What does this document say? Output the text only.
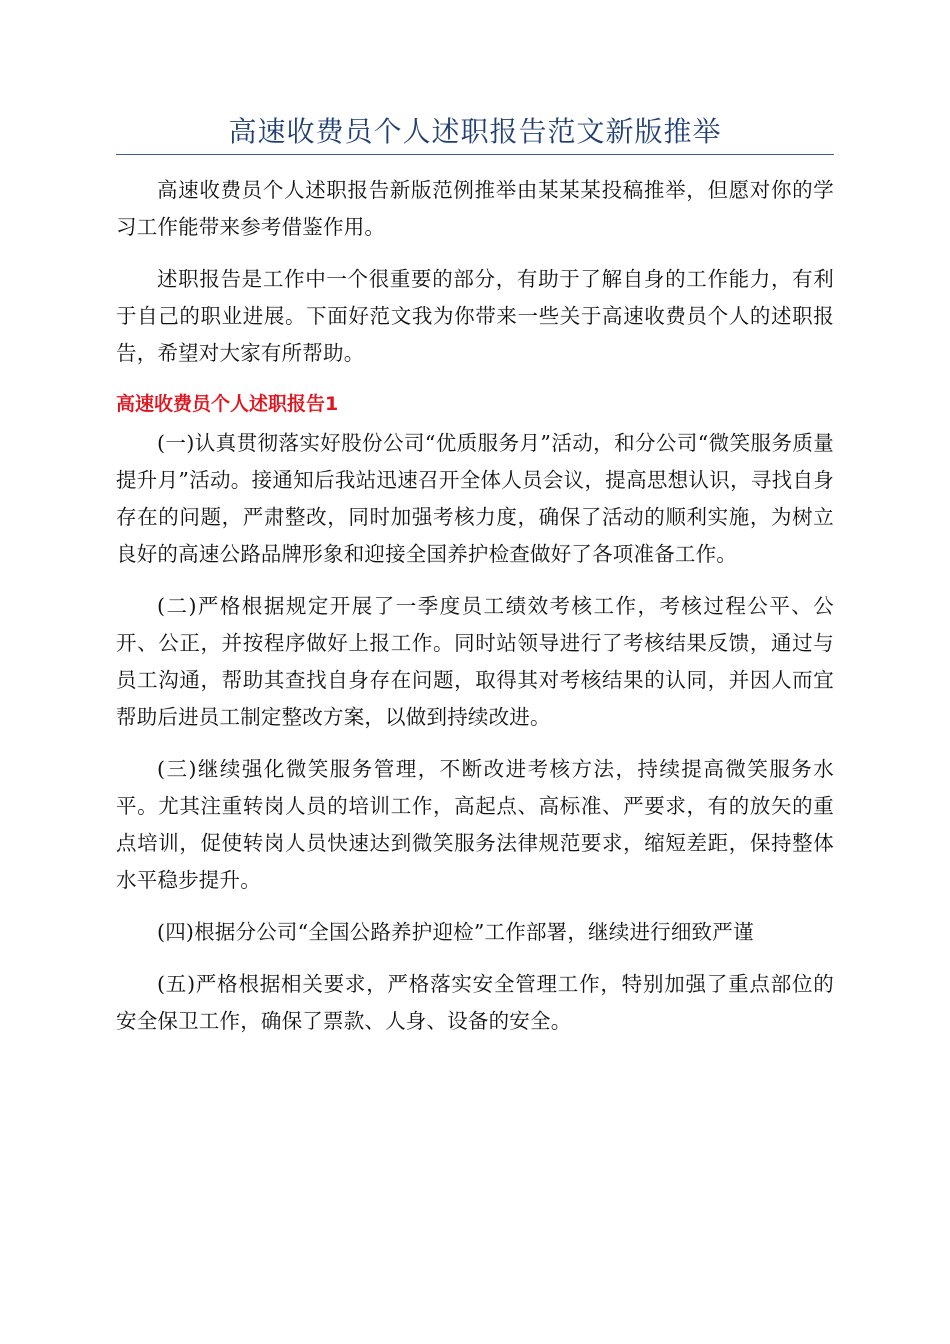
高速收费员个人述职报告范文新版推举

高速收费员个人述职报告新版范例推举由某某某投稿推举，但愿对你的学习工作能带来参考借鉴作用。

述职报告是工作中一个很重要的部分，有助于了解自身的工作能力，有利于自己的职业进展。下面好范文我为你带来一些关于高速收费员个人的述职报告，希望对大家有所帮助。

高速收费员个人述职报告1

(一)认真贯彻落实好股份公司“优质服务月”活动，和分公司“微笑服务质量提升月”活动。接通知后我站迅速召开全体人员会议，提高思想认识，寻找自身存在的问题，严肃整改，同时加强考核力度，确保了活动的顺利实施，为树立良好的高速公路品牌形象和迎接全国养护检查做好了各项准备工作。

(二)严格根据规定开展了一季度员工绩效考核工作，考核过程公平、公开、公正，并按程序做好上报工作。同时站领导进行了考核结果反馈，通过与员工沟通，帮助其查找自身存在问题，取得其对考核结果的认同，并因人而宜帮助后进员工制定整改方案，以做到持续改进。

(三)继续强化微笑服务管理，不断改进考核方法，持续提高微笑服务水平。尤其注重转岗人员的培训工作，高起点、高标准、严要求，有的放矢的重点培训，促使转岗人员快速达到微笑服务法律规范要求，缩短差距，保持整体水平稳步提升。

(四)根据分公司“全国公路养护迎检”工作部署，继续进行细致严谨

(五)严格根据相关要求，严格落实安全管理工作，特别加强了重点部位的安全保卫工作，确保了票款、人身、设备的安全。
